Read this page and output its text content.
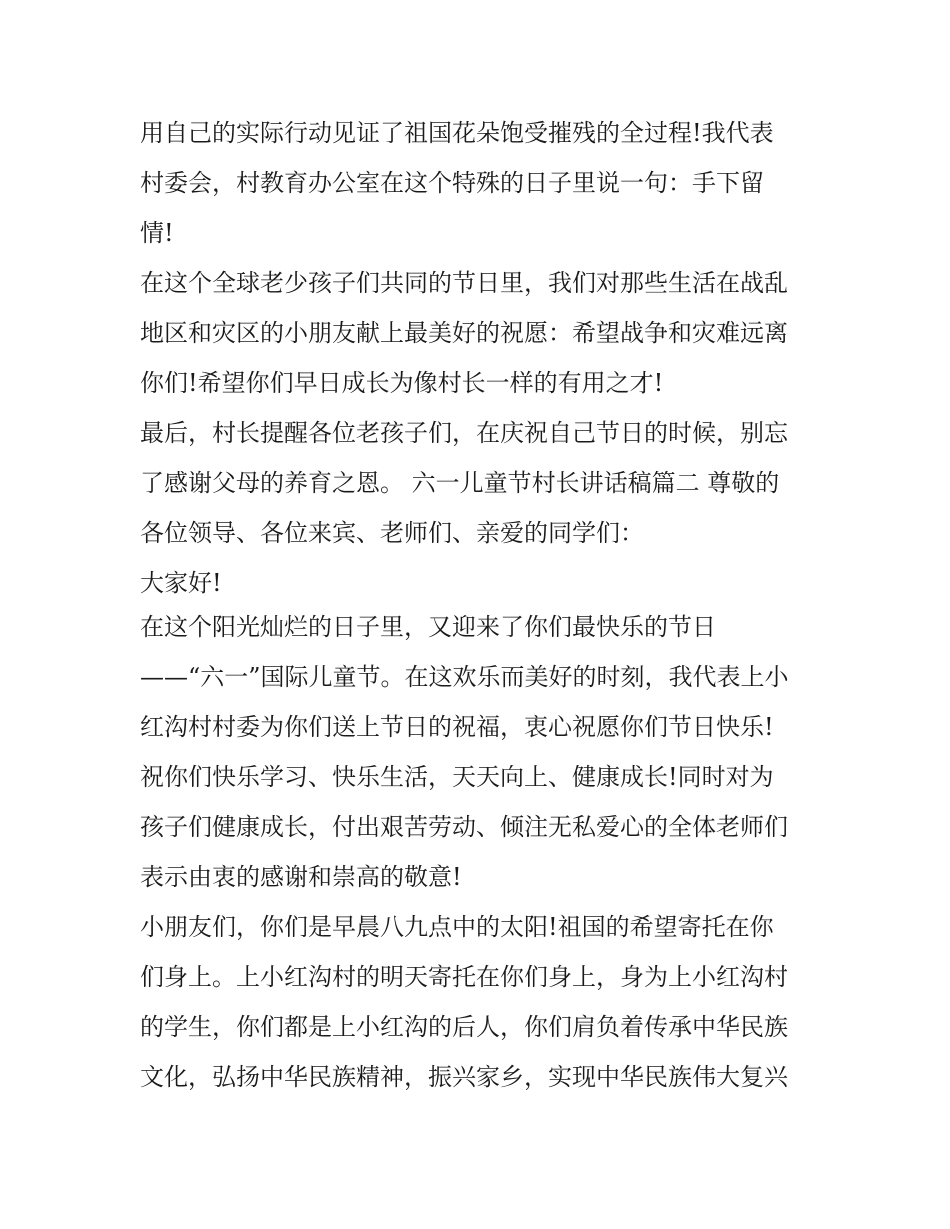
用自己的实际行动见证了祖国花朵饱受摧残的全过程!我代表
村委会，村教育办公室在这个特殊的日子里说一句：手下留
情!
在这个全球老少孩子们共同的节日里，我们对那些生活在战乱
地区和灾区的小朋友献上最美好的祝愿：希望战争和灾难远离
你们!希望你们早日成长为像村长一样的有用之才!
最后，村长提醒各位老孩子们，在庆祝自己节日的时候，别忘
了感谢父母的养育之恩。 六一儿童节村长讲话稿篇二 尊敬的
各位领导、各位来宾、老师们、亲爱的同学们：
大家好!
在这个阳光灿烂的日子里，又迎来了你们最快乐的节日
——“六一”国际儿童节。在这欢乐而美好的时刻，我代表上小
红沟村村委为你们送上节日的祝福，衷心祝愿你们节日快乐!
祝你们快乐学习、快乐生活，天天向上、健康成长!同时对为
孩子们健康成长，付出艰苦劳动、倾注无私爱心的全体老师们
表示由衷的感谢和崇高的敬意!
小朋友们，你们是早晨八九点中的太阳!祖国的希望寄托在你
们身上。上小红沟村的明天寄托在你们身上，身为上小红沟村
的学生，你们都是上小红沟的后人，你们肩负着传承中华民族
文化，弘扬中华民族精神，振兴家乡，实现中华民族伟大复兴
